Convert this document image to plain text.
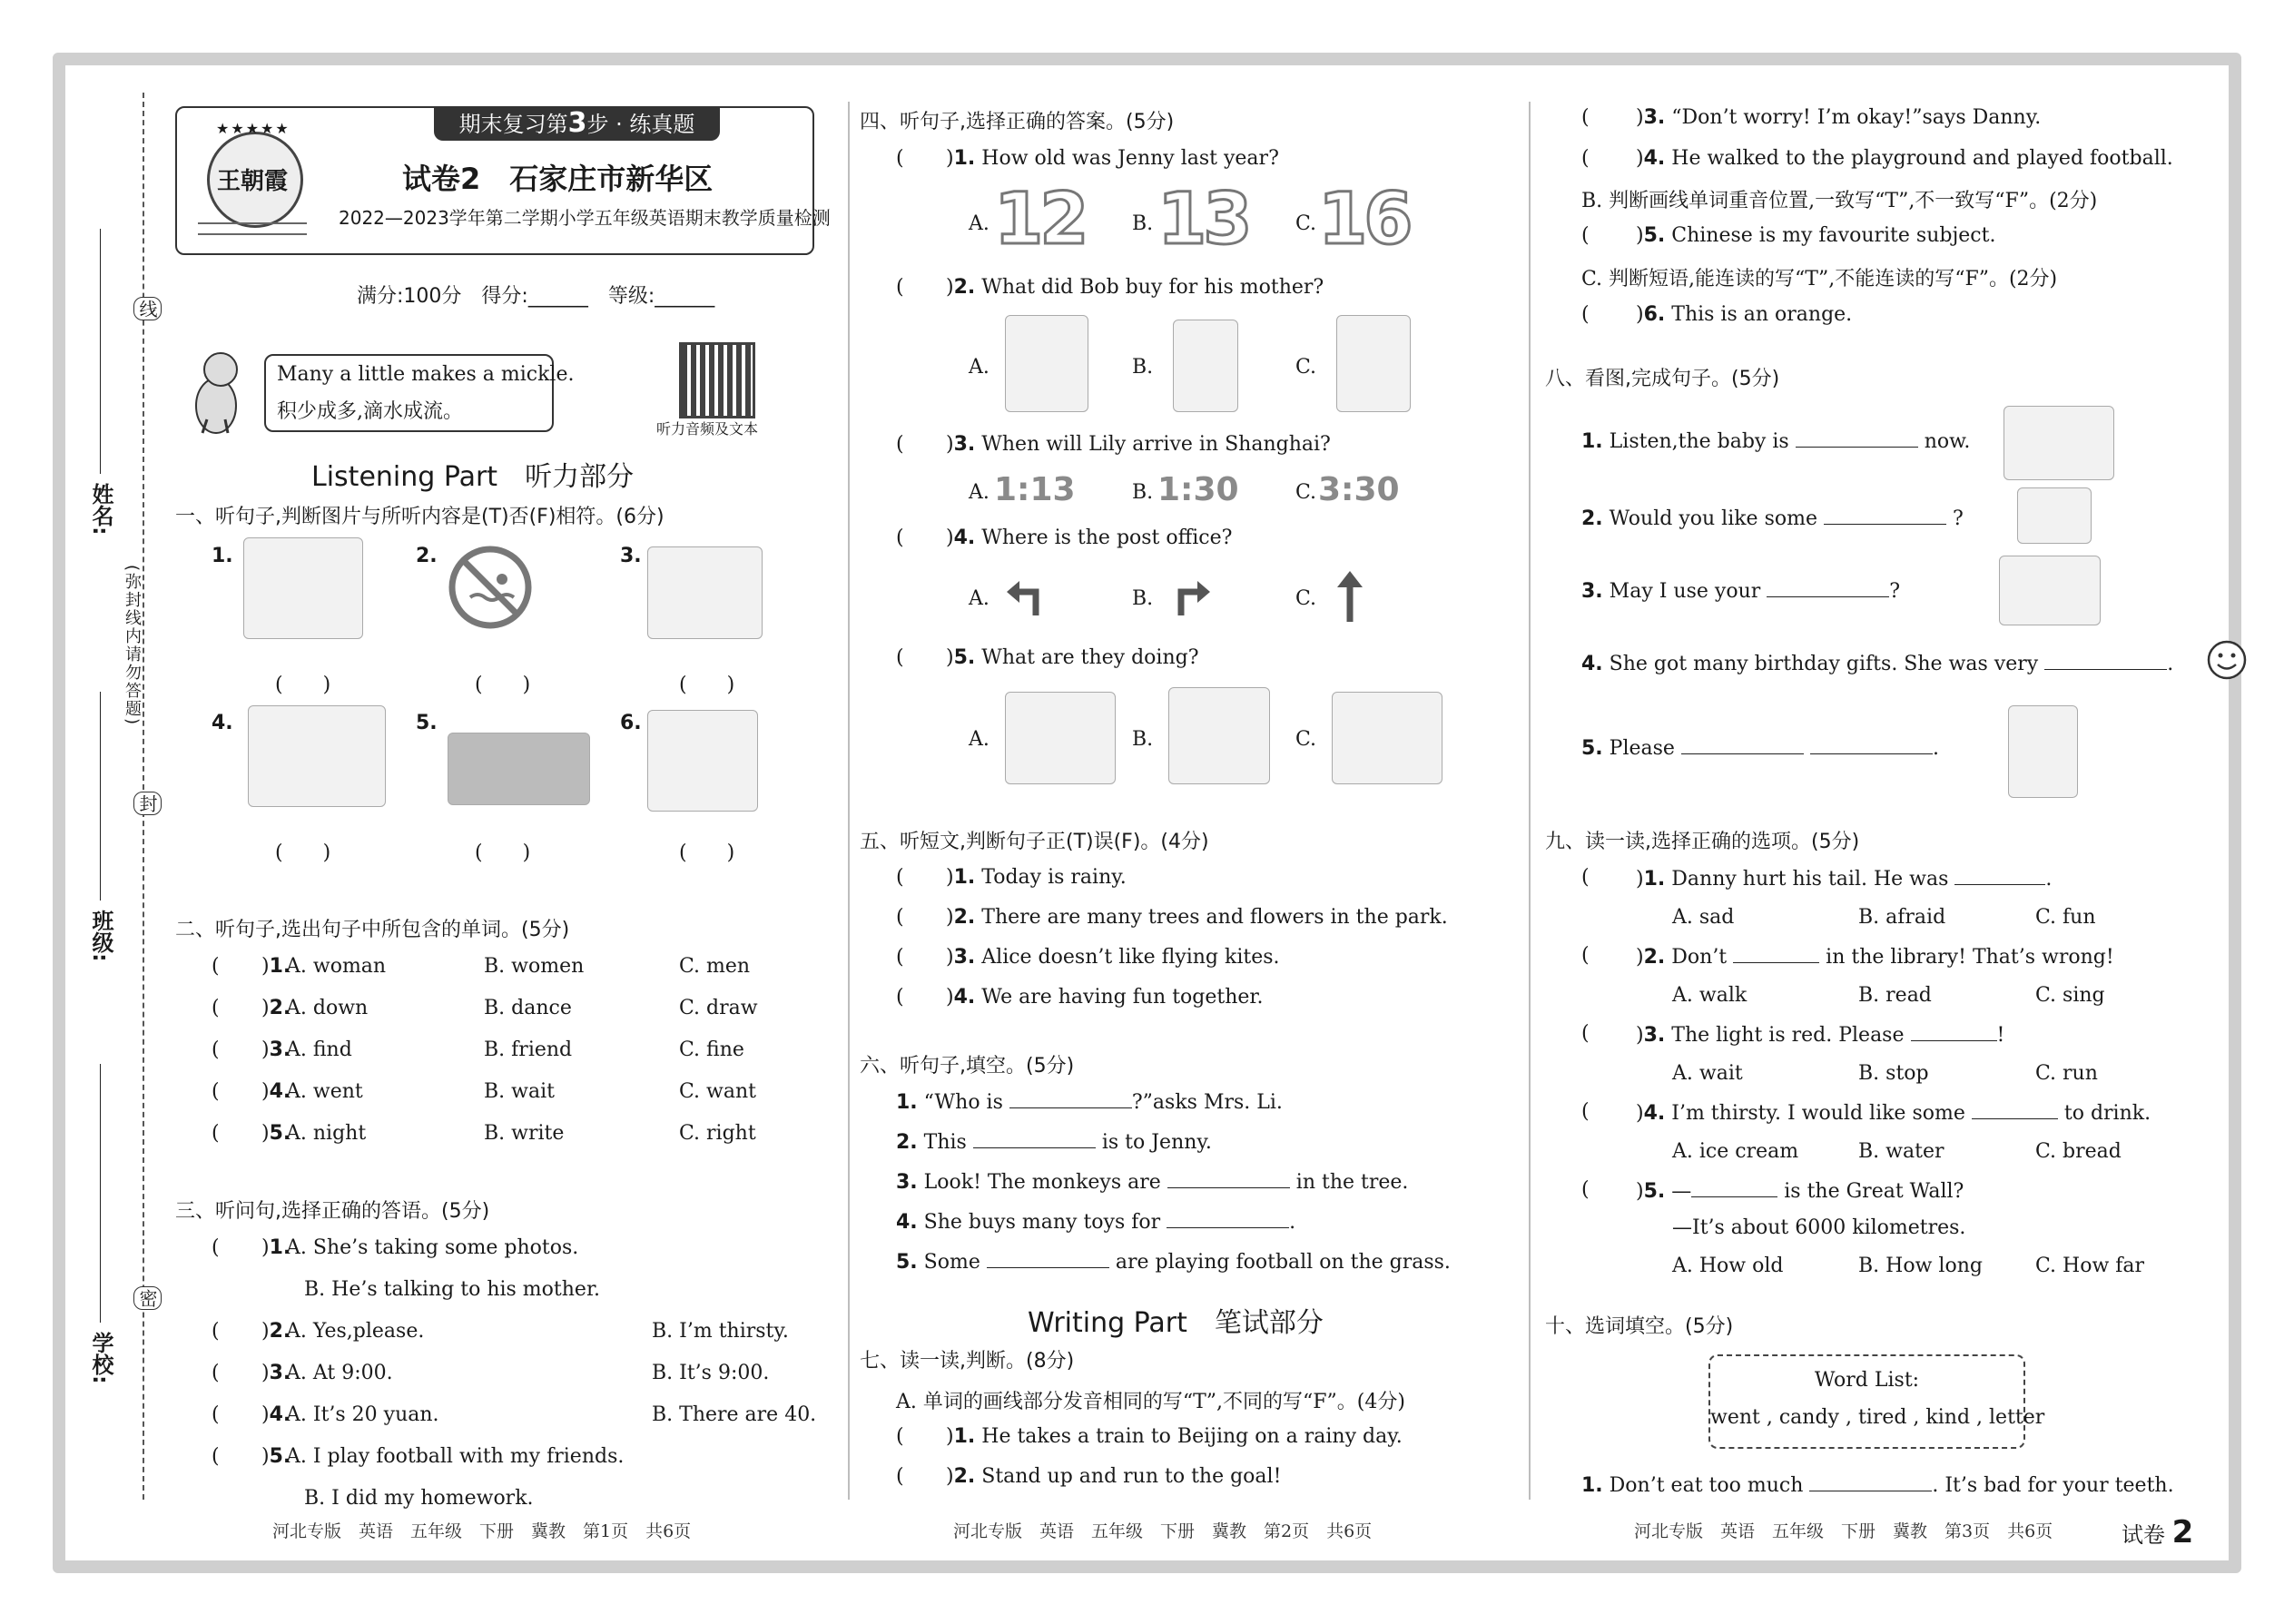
线
封
密
(弥封线内请勿答题)
姓名:
班级:
学校:
★★★★★
王朝霞
期末复习第3步 · 练真题
试卷2　石家庄市新华区
2022—2023学年第二学期小学五年级英语期末教学质量检测
满分:100分　得分:______　等级:______
Many a little makes a mickle.
积少成多,滴水成流。
听力音频及文本
Listening Part　听力部分
一、听句子,判断图片与所听内容是(T)否(F)相符。(6分)
1.	2.	3.
(　　)	(　　)	(　　)
4.	5.	6.
(　　)	(　　)	(　　)
二、听句子,选出句子中所包含的单词。(5分)
( )1.
A. woman	B. women	C. men
( )2.
A. down	B. dance	C. draw
( )3.
A. find	B. friend	C. fine
( )4.
A. went	B. wait	C. want
( )5.
A. night	B. write	C. right
三、听问句,选择正确的答语。(5分)
( )1.
A. She’s taking some photos.
B. He’s talking to his mother.
( )2.
A. Yes,please.	B. I’m thirsty.
( )3.
A. At 9:00.	B. It’s 9:00.
( )4.
A. It’s 20 yuan.	B. There are 40.
( )5.
A. I play football with my friends.
B. I did my homework.
四、听句子,选择正确的答案。(5分)
( )1. How old was Jenny last year?
A. 12 B. 13 C. 16
( )2. What did Bob buy for his mother?
A.	B.	C.
( )3. When will Lily arrive in Shanghai?
A. 1:13	B. 1:30	C. 3:30
( )4. Where is the post office?
A.	B.	C.
( )5. What are they doing?
A.	B.	C.
五、听短文,判断句子正(T)误(F)。(4分)
( )1. Today is rainy.
( )2. There are many trees and flowers in the park.
( )3. Alice doesn’t like flying kites.
( )4. We are having fun together.
六、听句子,填空。(5分)
1. “Who is	?”asks Mrs. Li.
2. This	is to Jenny.
3. Look! The monkeys are	in the tree.
4. She buys many toys for	.
5. Some	are playing football on the grass.
Writing Part　笔试部分
七、读一读,判断。(8分)
A. 单词的画线部分发音相同的写“T”,不同的写“F”。(4分)
( )1. He takes a train to Beijing on a rainy day.
( )2. Stand up and run to the goal!
( )3. “Don’t worry! I’m okay!”says Danny.
( )4. He walked to the playground and played football.
B. 判断画线单词重音位置,一致写“T”,不一致写“F”。(2分)
( )5. Chinese is my favourite subject.
C. 判断短语,能连读的写“T”,不能连读的写“F”。(2分)
( )6. This is an orange.
八、看图,完成句子。(5分)
1. Listen,the baby is	now.
2. Would you like some	?
3. May I use your	?
4. She got many birthday gifts. She was very	.
5. Please	.
九、读一读,选择正确的选项。(5分)
( )1. Danny hurt his tail. He was	.
A. sad	B. afraid	C. fun
( )2. Don’t	in the library! That’s wrong!
A. walk	B. read	C. sing
( )3. The light is red. Please	!
A. wait	B. stop	C. run
( )4. I’m thirsty. I would like some	to drink.
A. ice cream	B. water	C. bread
( )5. —	is the Great Wall?
—It’s about 6000 kilometres.
A. How old	B. How long	C. How far
十、选词填空。(5分)
Word List:
went , candy , tired , kind , letter
1. Don’t eat too much	. It’s bad for your teeth.
河北专版　英语　五年级　下册　冀教　第1页　共6页	河北专版　英语　五年级　下册　冀教　第2页　共6页	河北专版　英语　五年级　下册　冀教　第3页　共6页	试卷 2
